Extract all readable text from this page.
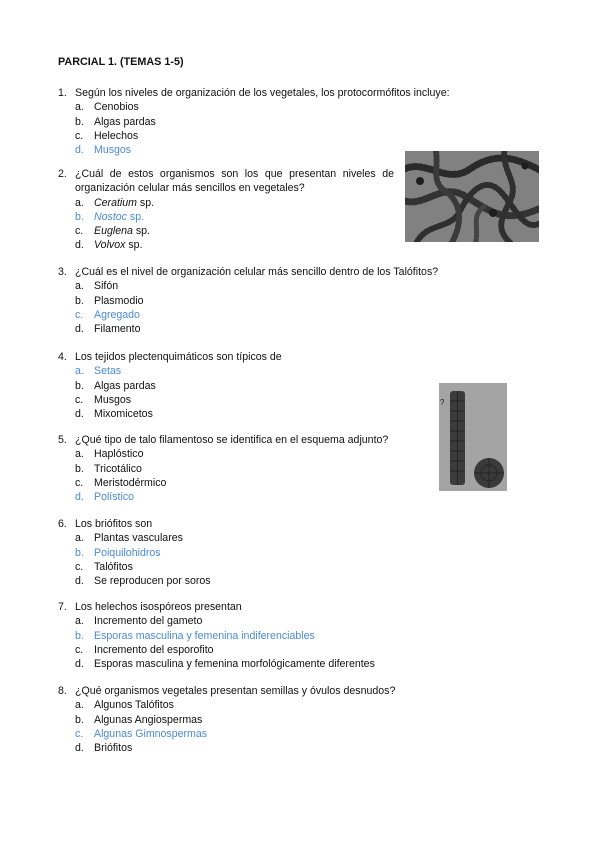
PARCIAL 1. (TEMAS 1-5)
1. Según los niveles de organización de los vegetales, los protocormófitos incluye:
a. Cenobios
b. Algas pardas
c.	Helechos
d. Musgos
2. ¿Cuál de estos organismos son los que presentan niveles de organización celular más sencillos en vegetales?
a. Ceratium sp.
b. Nostoc sp.
c.	Euglena sp.
d. Volvox sp.
3. ¿Cuál es el nivel de organización celular más sencillo dentro de los Talófitos?
a. Sifón
b. Plasmodio
c.	Agregado
d. Filamento
4. Los tejidos plectenquimáticos son típicos de
a. Setas
b. Algas pardas
c.	Musgos
d. Mixomicetos
5. ¿Qué tipo de talo filamentoso se identifica en el esquema adjunto?
a. Haplóstico
b. Tricotálico
c.	Meristodérmico
d. Polístico
?
6. Los briófitos son
a. Plantas vasculares
b. Poiquilohidros
c.	Talófitos
d. Se reproducen por soros
7. Los helechos isospóreos presentan
a. Incremento del gameto
b. Esporas masculina y femenina indiferenciables
c.	Incremento del esporofito
d. Esporas masculina y femenina morfológicamente diferentes
8. ¿Qué organismos vegetales presentan semillas y óvulos desnudos?
a. Algunos Talófitos
b. Algunas Angiospermas
c.	Algunas Gimnospermas
d. Briófitos
